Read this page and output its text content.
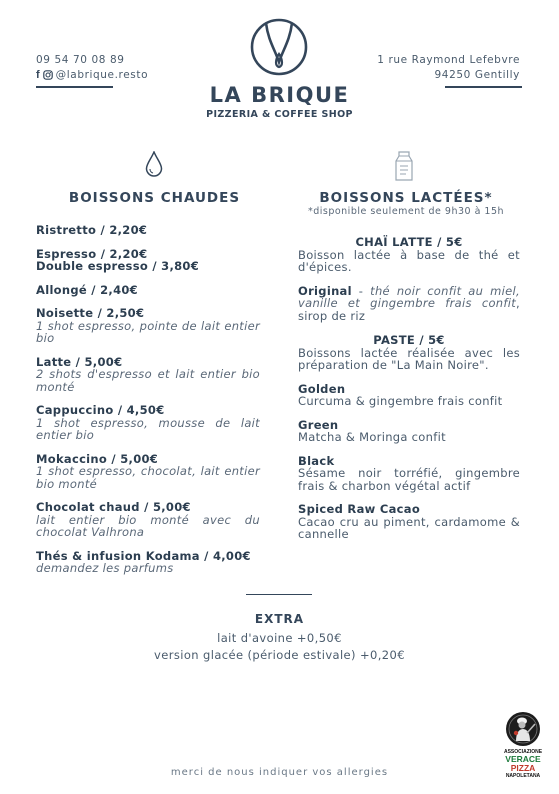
09 54 70 08 89
f @labrique.resto
1 rue Raymond Lefebvre
94250 Gentilly
LA BRIQUE
PIZZERIA & COFFEE SHOP
BOISSONS CHAUDES	BOISSONS LACTÉES*
*disponible seulement de 9h30 à 15h
Ristretto / 2,20€
Espresso / 2,20€
Double espresso / 3,80€
Allongé / 2,40€
Noisette / 2,50€
1 shot espresso, pointe de lait entier bio
Latte / 5,00€
2 shots d'espresso et lait entier bio monté
Cappuccino / 4,50€
1 shot espresso, mousse de lait entier bio
Mokaccino / 5,00€
1 shot espresso, chocolat, lait entier bio monté
Chocolat chaud / 5,00€
lait entier bio monté avec du chocolat Valhrona
Thés & infusion Kodama / 4,00€
demandez les parfums
CHAÏ LATTE / 5€
Boisson lactée à base de thé et d'épices.
Original - thé noir confit au miel, vanille et gingembre frais confit, sirop de riz
PASTE / 5€
Boissons lactée réalisée avec les préparation de "La Main Noire".
Golden
Curcuma & gingembre frais confit
Green
Matcha & Moringa confit
Black
Sésame noir torréfié, gingembre frais & charbon végétal actif
Spiced Raw Cacao
Cacao cru au piment, cardamome & cannelle
EXTRA
lait d'avoine +0,50€
version glacée (période estivale) +0,20€
merci de nous indiquer vos allergies
ASSOCIAZIONE
VERACE
PIZZA
NAPOLETANA
